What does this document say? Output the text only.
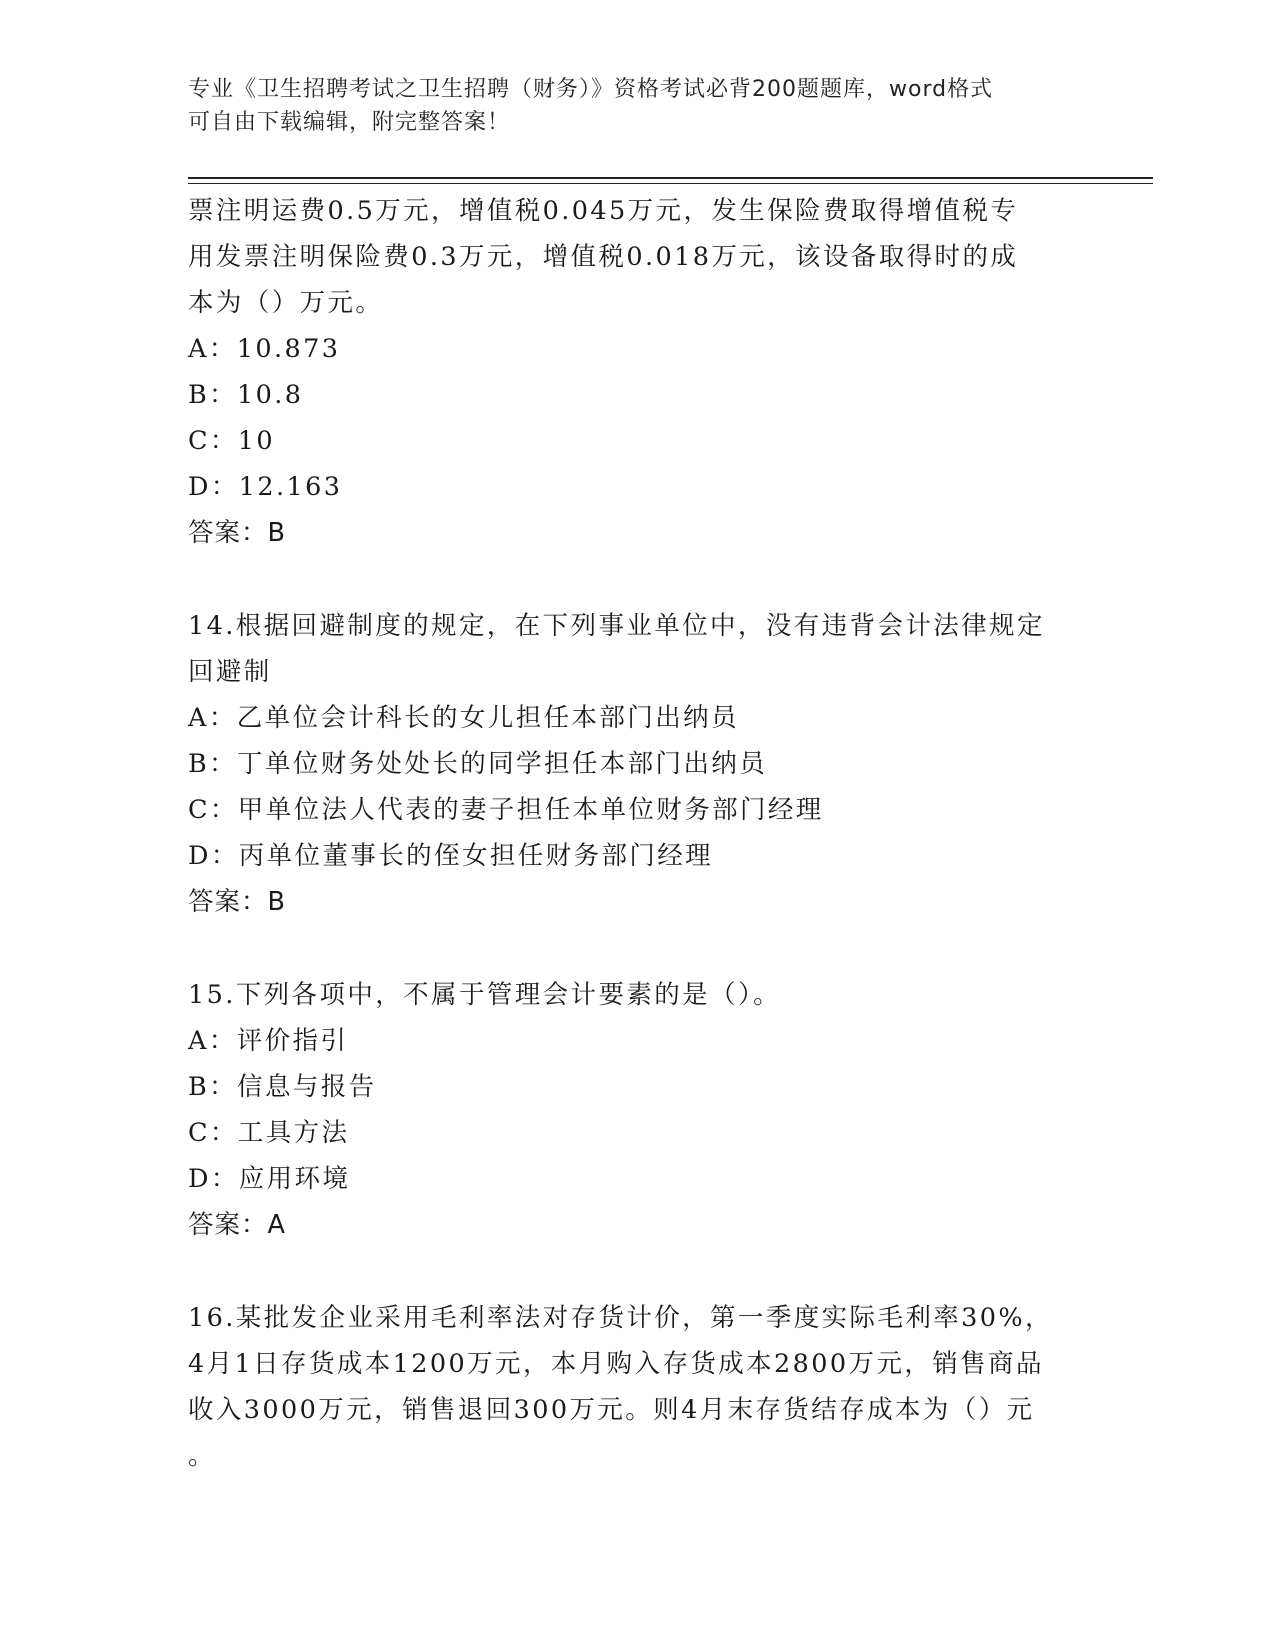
专业《卫生招聘考试之卫生招聘（财务）》资格考试必背200题题库，word格式
可自由下载编辑，附完整答案！
票注明运费0.5万元，增值税0.045万元，发生保险费取得增值税专
用发票注明保险费0.3万元，增值税0.018万元，该设备取得时的成
本为（）万元。
A：10.873
B：10.8
C：10
D：12.163
答案：B
14.根据回避制度的规定，在下列事业单位中，没有违背会计法律规定
回避制
A：乙单位会计科长的女儿担任本部门出纳员
B：丁单位财务处处长的同学担任本部门出纳员
C：甲单位法人代表的妻子担任本单位财务部门经理
D：丙单位董事长的侄女担任财务部门经理
答案：B
15.下列各项中，不属于管理会计要素的是（）。
A：评价指引
B：信息与报告
C：工具方法
D：应用环境
答案：A
16.某批发企业采用毛利率法对存货计价，第一季度实际毛利率30%，
4月1日存货成本1200万元，本月购入存货成本2800万元，销售商品
收入3000万元，销售退回300万元。则4月末存货结存成本为（）元
。
